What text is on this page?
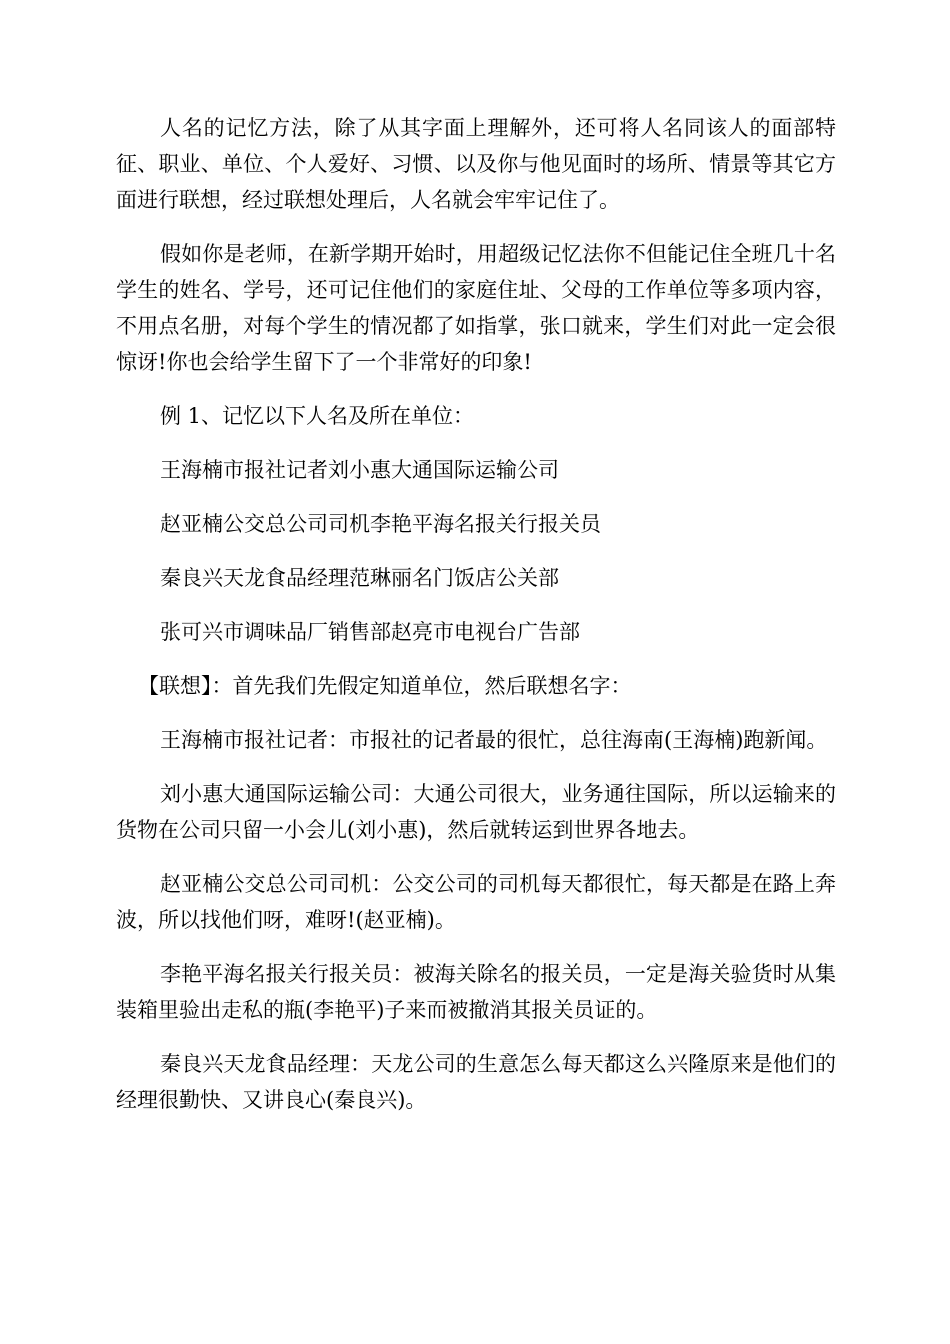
人名的记忆方法，除了从其字面上理解外，还可将人名同该人的面部特征、职业、单位、个人爱好、习惯、以及你与他见面时的场所、情景等其它方面进行联想，经过联想处理后，人名就会牢牢记住了。

假如你是老师，在新学期开始时，用超级记忆法你不但能记住全班几十名学生的姓名、学号，还可记住他们的家庭住址、父母的工作单位等多项内容，不用点名册，对每个学生的情况都了如指掌，张口就来，学生们对此一定会很惊讶!你也会给学生留下了一个非常好的印象!

例 1、记忆以下人名及所在单位：
王海楠市报社记者刘小惠大通国际运输公司
赵亚楠公交总公司司机李艳平海名报关行报关员
秦良兴天龙食品经理范琳丽名门饭店公关部
张可兴市调味品厂销售部赵亮市电视台广告部
【联想】：首先我们先假定知道单位，然后联想名字：

王海楠市报社记者：市报社的记者最的很忙，总往海南(王海楠)跑新闻。

刘小惠大通国际运输公司：大通公司很大，业务通往国际，所以运输来的货物在公司只留一小会儿(刘小惠)，然后就转运到世界各地去。

赵亚楠公交总公司司机：公交公司的司机每天都很忙，每天都是在路上奔波，所以找他们呀，难呀!(赵亚楠)。

李艳平海名报关行报关员：被海关除名的报关员，一定是海关验货时从集装箱里验出走私的瓶(李艳平)子来而被撤消其报关员证的。

秦良兴天龙食品经理：天龙公司的生意怎么每天都这么兴隆原来是他们的经理很勤快、又讲良心(秦良兴)。
